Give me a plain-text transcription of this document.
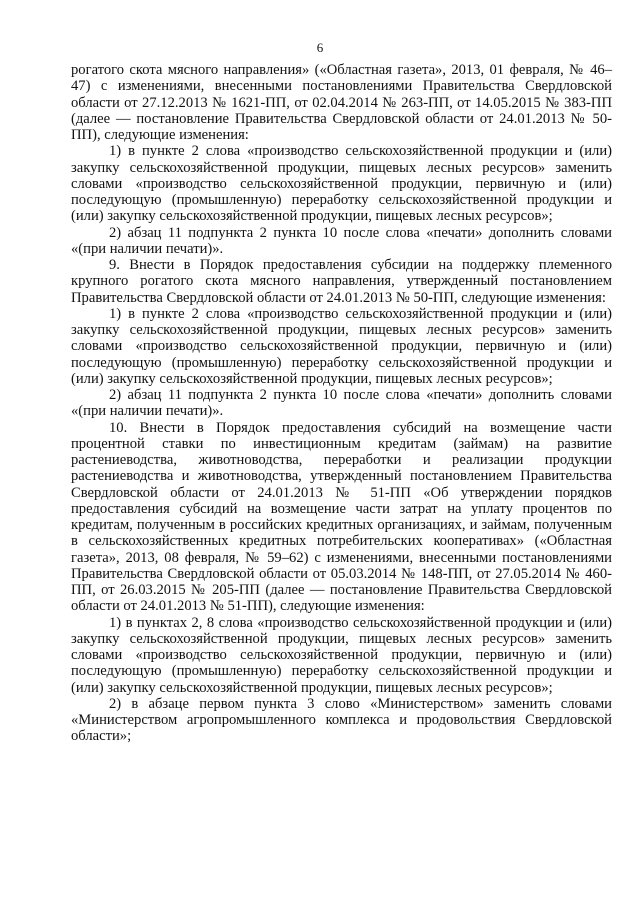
6

рогатого скота мясного направления» («Областная газета», 2013, 01 февраля, № 46–47) с изменениями, внесенными постановлениями Правительства Свердловской области от 27.12.2013 № 1621-ПП, от 02.04.2014 № 263-ПП, от 14.05.2015 № 383-ПП (далее — постановление Правительства Свердловской области от 24.01.2013 № 50-ПП), следующие изменения:

1) в пункте 2 слова «производство сельскохозяйственной продукции и (или) закупку сельскохозяйственной продукции, пищевых лесных ресурсов» заменить словами «производство сельскохозяйственной продукции, первичную и (или) последующую (промышленную) переработку сельскохозяйственной продукции и (или) закупку сельскохозяйственной продукции, пищевых лесных ресурсов»;

2) абзац 11 подпункта 2 пункта 10 после слова «печати» дополнить словами «(при наличии печати)».

9. Внести в Порядок предоставления субсидии на поддержку племенного крупного рогатого скота мясного направления, утвержденный постановлением Правительства Свердловской области от 24.01.2013 № 50-ПП, следующие изменения:

1) в пункте 2 слова «производство сельскохозяйственной продукции и (или) закупку сельскохозяйственной продукции, пищевых лесных ресурсов» заменить словами «производство сельскохозяйственной продукции, первичную и (или) последующую (промышленную) переработку сельскохозяйственной продукции и (или) закупку сельскохозяйственной продукции, пищевых лесных ресурсов»;

2) абзац 11 подпункта 2 пункта 10 после слова «печати» дополнить словами «(при наличии печати)».

10. Внести в Порядок предоставления субсидий на возмещение части процентной ставки по инвестиционным кредитам (займам) на развитие растениеводства, животноводства, переработки и реализации продукции растениеводства и животноводства, утвержденный постановлением Правительства Свердловской области от 24.01.2013 № 51-ПП «Об утверждении порядков предоставления субсидий на возмещение части затрат на уплату процентов по кредитам, полученным в российских кредитных организациях, и займам, полученным в сельскохозяйственных кредитных потребительских кооперативах» («Областная газета», 2013, 08 февраля, № 59–62) с изменениями, внесенными постановлениями Правительства Свердловской области от 05.03.2014 № 148-ПП, от 27.05.2014 № 460-ПП, от 26.03.2015 № 205-ПП (далее — постановление Правительства Свердловской области от 24.01.2013 № 51-ПП), следующие изменения:

1) в пунктах 2, 8 слова «производство сельскохозяйственной продукции и (или) закупку сельскохозяйственной продукции, пищевых лесных ресурсов» заменить словами «производство сельскохозяйственной продукции, первичную и (или) последующую (промышленную) переработку сельскохозяйственной продукции и (или) закупку сельскохозяйственной продукции, пищевых лесных ресурсов»;

2) в абзаце первом пункта 3 слово «Министерством» заменить словами «Министерством агропромышленного комплекса и продовольствия Свердловской области»;
